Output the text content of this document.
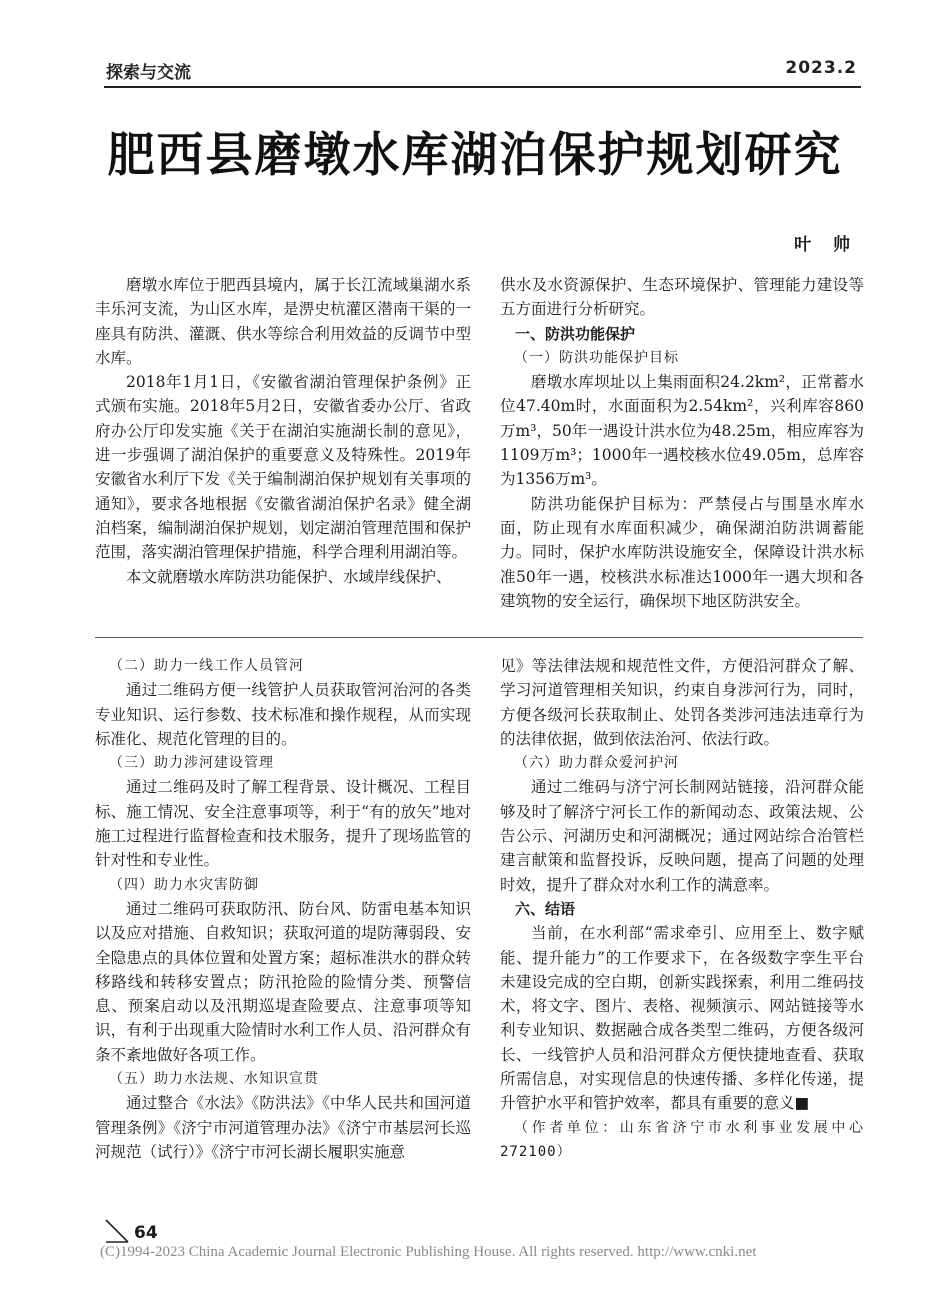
探索与交流	2023.2
肥西县磨墩水库湖泊保护规划研究
叶 帅

磨墩水库位于肥西县境内，属于长江流域巢湖水系丰乐河支流，为山区水库，是淠史杭灌区潜南干渠的一座具有防洪、灌溉、供水等综合利用效益的反调节中型水库。

2018年1月1日，《安徽省湖泊管理保护条例》正式颁布实施。2018年5月2日，安徽省委办公厅、省政府办公厅印发实施《关于在湖泊实施湖长制的意见》，进一步强调了湖泊保护的重要意义及特殊性。2019年安徽省水利厅下发《关于编制湖泊保护规划有关事项的通知》，要求各地根据《安徽省湖泊保护名录》健全湖泊档案，编制湖泊保护规划，划定湖泊管理范围和保护范围，落实湖泊管理保护措施，科学合理利用湖泊等。

本文就磨墩水库防洪功能保护、水域岸线保护、

供水及水资源保护、生态环境保护、管理能力建设等五方面进行分析研究。

一、防洪功能保护

（一）防洪功能保护目标

磨墩水库坝址以上集雨面积24.2km²，正常蓄水位47.40m时，水面面积为2.54km²，兴利库容860万m³，50年一遇设计洪水位为48.25m，相应库容为1109万m³；1000年一遇校核水位49.05m，总库容为1356万m³。

防洪功能保护目标为：严禁侵占与围垦水库水面，防止现有水库面积减少，确保湖泊防洪调蓄能力。同时，保护水库防洪设施安全，保障设计洪水标准50年一遇，校核洪水标准达1000年一遇大坝和各建筑物的安全运行，确保坝下地区防洪安全。

（二）助力一线工作人员管河

通过二维码方便一线管护人员获取管河治河的各类专业知识、运行参数、技术标准和操作规程，从而实现标准化、规范化管理的目的。

（三）助力涉河建设管理

通过二维码及时了解工程背景、设计概况、工程目标、施工情况、安全注意事项等，利于“有的放矢”地对施工过程进行监督检查和技术服务，提升了现场监管的针对性和专业性。

（四）助力水灾害防御

通过二维码可获取防汛、防台风、防雷电基本知识以及应对措施、自救知识；获取河道的堤防薄弱段、安全隐患点的具体位置和处置方案；超标准洪水的群众转移路线和转移安置点；防汛抢险的险情分类、预警信息、预案启动以及汛期巡堤查险要点、注意事项等知识，有利于出现重大险情时水利工作人员、沿河群众有条不紊地做好各项工作。

（五）助力水法规、水知识宣贯

通过整合《水法》《防洪法》《中华人民共和国河道管理条例》《济宁市河道管理办法》《济宁市基层河长巡河规范（试行）》《济宁市河长湖长履职实施意

见》等法律法规和规范性文件，方便沿河群众了解、学习河道管理相关知识，约束自身涉河行为，同时，方便各级河长获取制止、处罚各类涉河违法违章行为的法律依据，做到依法治河、依法行政。

（六）助力群众爱河护河

通过二维码与济宁河长制网站链接，沿河群众能够及时了解济宁河长工作的新闻动态、政策法规、公告公示、河湖历史和河湖概况；通过网站综合治管栏建言献策和监督投诉，反映问题，提高了问题的处理时效，提升了群众对水利工作的满意率。

六、结语

当前，在水利部“需求牵引、应用至上、数字赋能、提升能力”的工作要求下，在各级数字孪生平台未建设完成的空白期，创新实践探索，利用二维码技术，将文字、图片、表格、视频演示、网站链接等水利专业知识、数据融合成各类型二维码，方便各级河长、一线管护人员和沿河群众方便快捷地查看、获取所需信息，对实现信息的快速传播、多样化传递，提升管护水平和管护效率，都具有重要的意义■

（作者单位：山东省济宁市水利事业发展中心272100）

64
(C)1994-2023 China Academic Journal Electronic Publishing House. All rights reserved. http://www.cnki.net
